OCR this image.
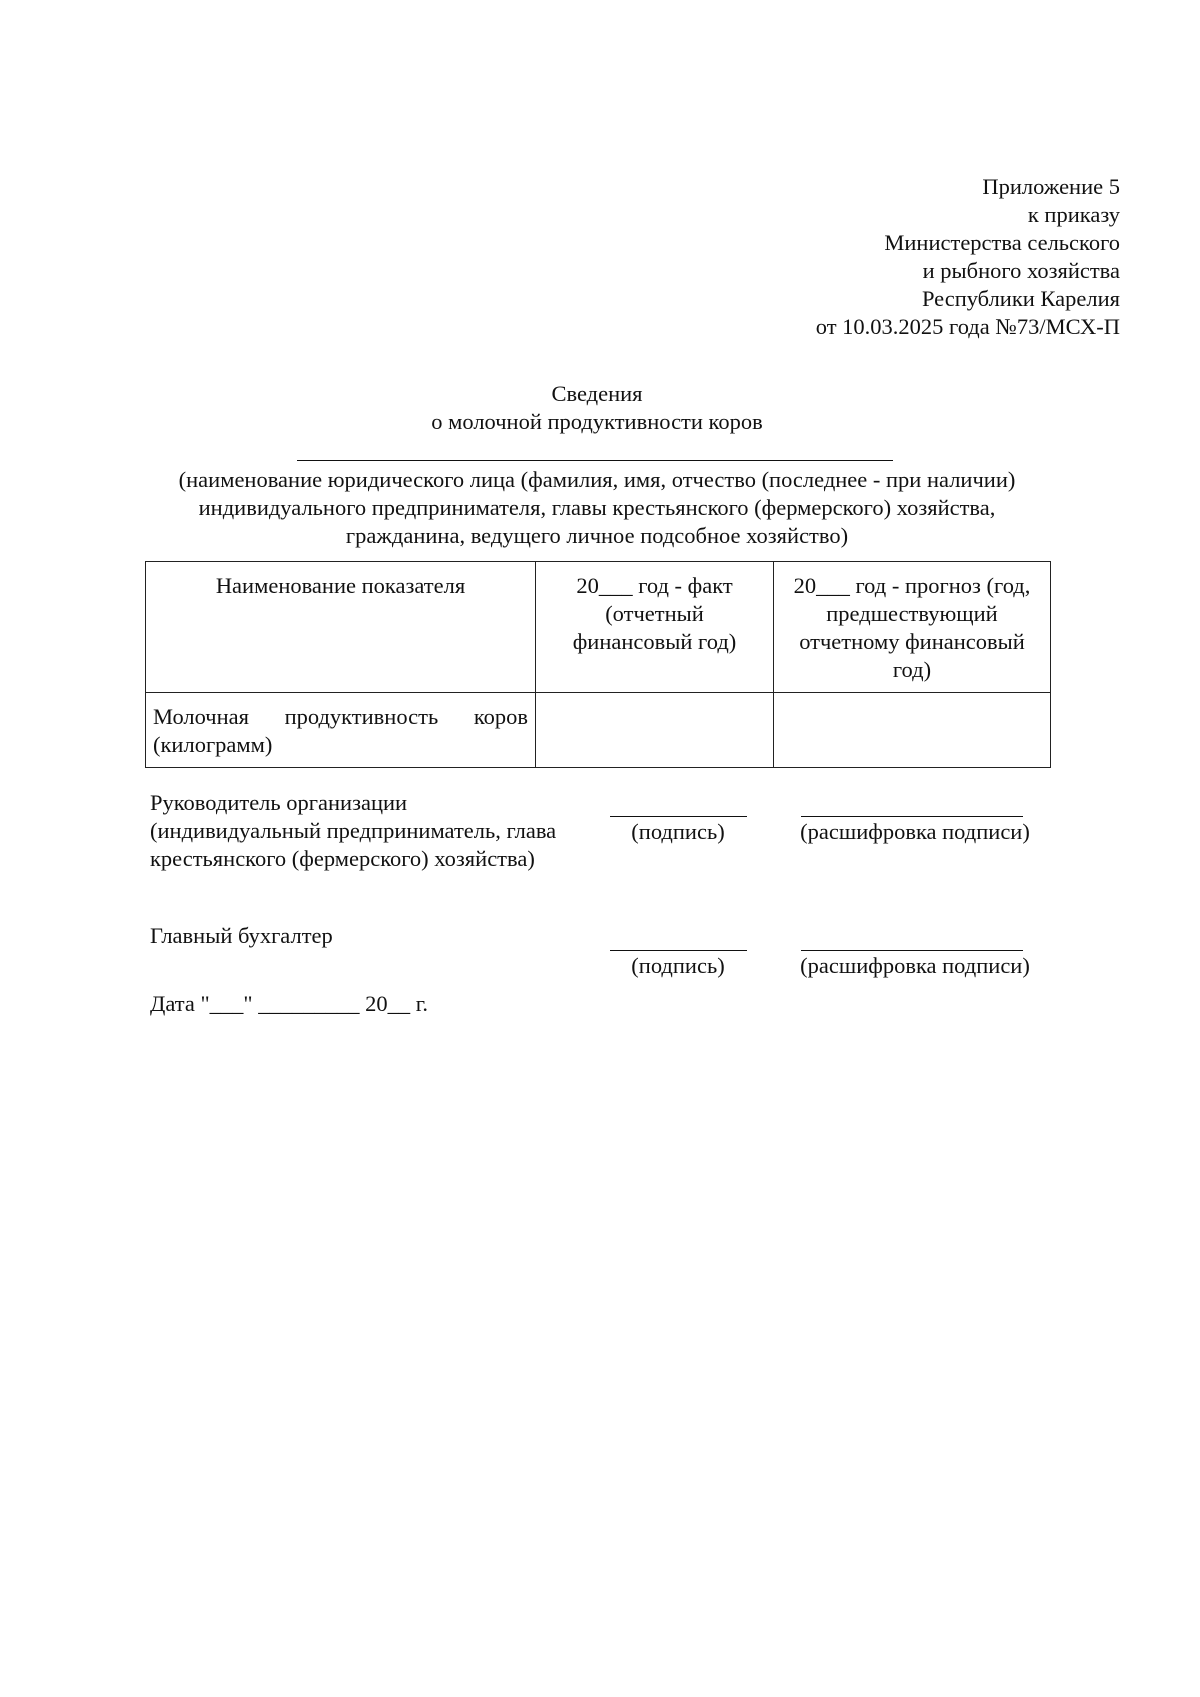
Приложение 5
к приказу
Министерства сельского
и рыбного хозяйства
Республики Карелия
от 10.03.2025 года №73/МСХ-П
Сведения
о молочной продуктивности коров
(наименование юридического лица (фамилия, имя, отчество (последнее - при наличии) индивидуального предпринимателя, главы крестьянского (фермерского) хозяйства, гражданина, ведущего личное подсобное хозяйство)
Наименование показателя	20___ год - факт (отчетный финансовый год)	20___ год - прогноз (год, предшествующий отчетному финансовый год)
Молочная продуктивность коров (килограмм)		
Руководитель организации (индивидуальный предприниматель, глава крестьянского (фермерского) хозяйства)
(подпись)	(расшифровка подписи)
Главный бухгалтер
(подпись)	(расшифровка подписи)
Дата "___" _________ 20__ г.
